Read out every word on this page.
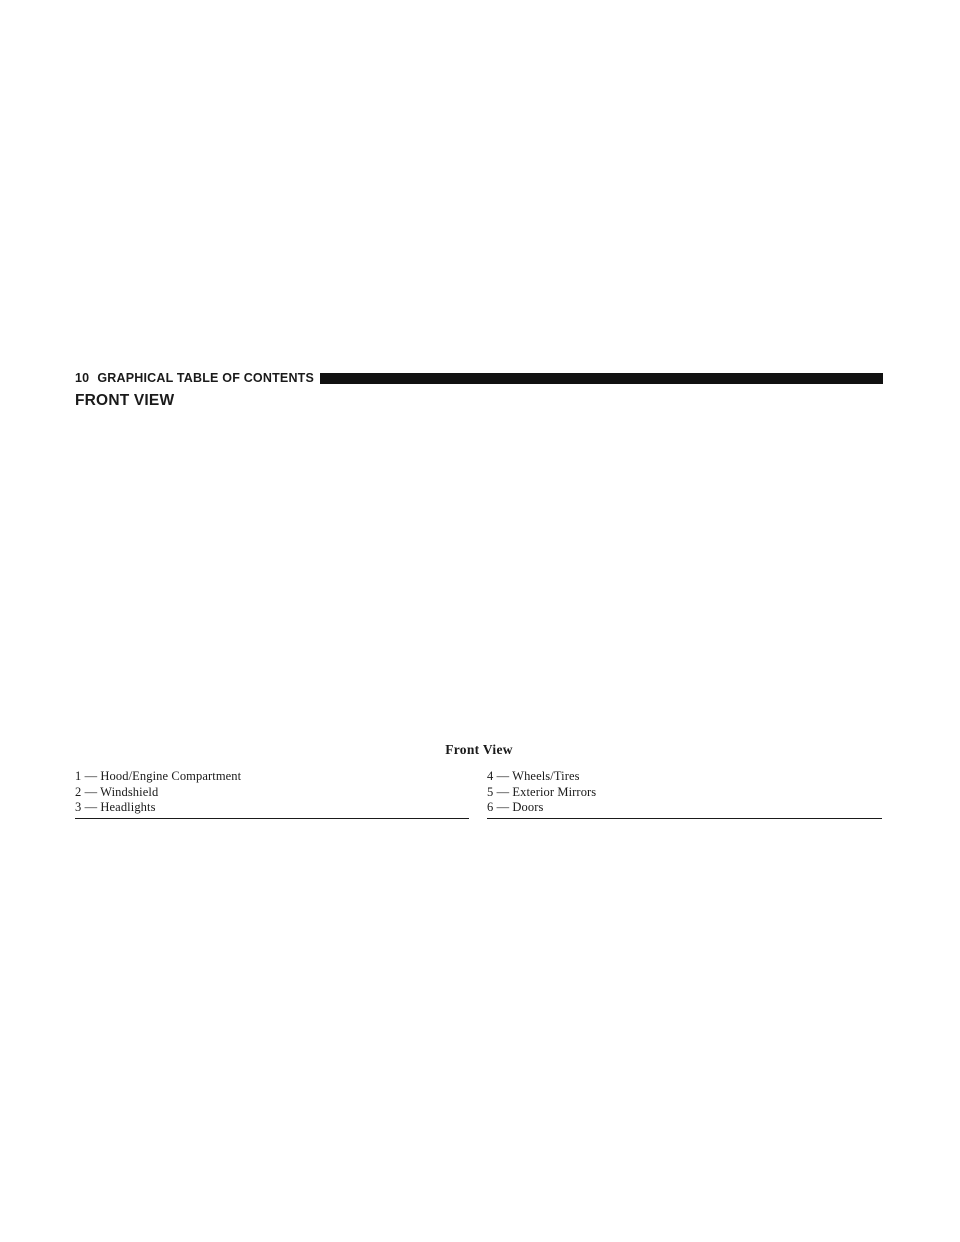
10 GRAPHICAL TABLE OF CONTENTS
FRONT VIEW
Front View
1 — Hood/Engine Compartment
2 — Windshield
3 — Headlights
4 — Wheels/Tires
5 — Exterior Mirrors
6 — Doors
